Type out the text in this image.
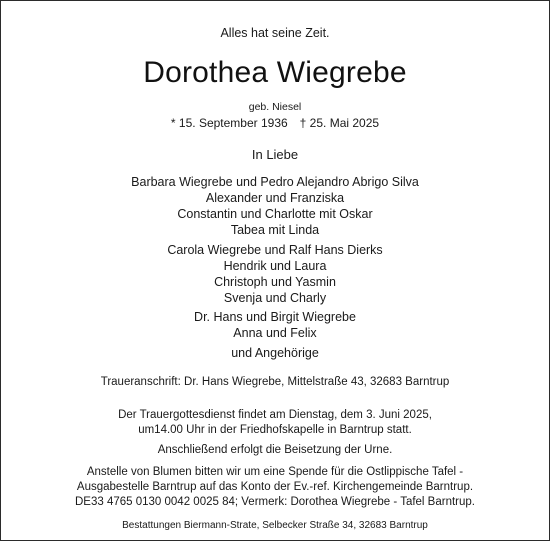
Alles hat seine Zeit.
Dorothea Wiegrebe
geb. Niesel
* 15. September 1936 † 25. Mai 2025
In Liebe
Barbara Wiegrebe und Pedro Alejandro Abrigo Silva
Alexander und Franziska
Constantin und Charlotte mit Oskar
Tabea mit Linda
Carola Wiegrebe und Ralf Hans Dierks
Hendrik und Laura
Christoph und Yasmin
Svenja und Charly
Dr. Hans und Birgit Wiegrebe
Anna und Felix
und Angehörige
Traueranschrift: Dr. Hans Wiegrebe, Mittelstraße 43, 32683 Barntrup
Der Trauergottesdienst findet am Dienstag, dem 3. Juni 2025,
um14.00 Uhr in der Friedhofskapelle in Barntrup statt.
Anschließend erfolgt die Beisetzung der Urne.
Anstelle von Blumen bitten wir um eine Spende für die Ostlippische Tafel -
Ausgabestelle Barntrup auf das Konto der Ev.-ref. Kirchengemeinde Barntrup.
DE33 4765 0130 0042 0025 84; Vermerk: Dorothea Wiegrebe - Tafel Barntrup.
Bestattungen Biermann-Strate, Selbecker Straße 34, 32683 Barntrup
